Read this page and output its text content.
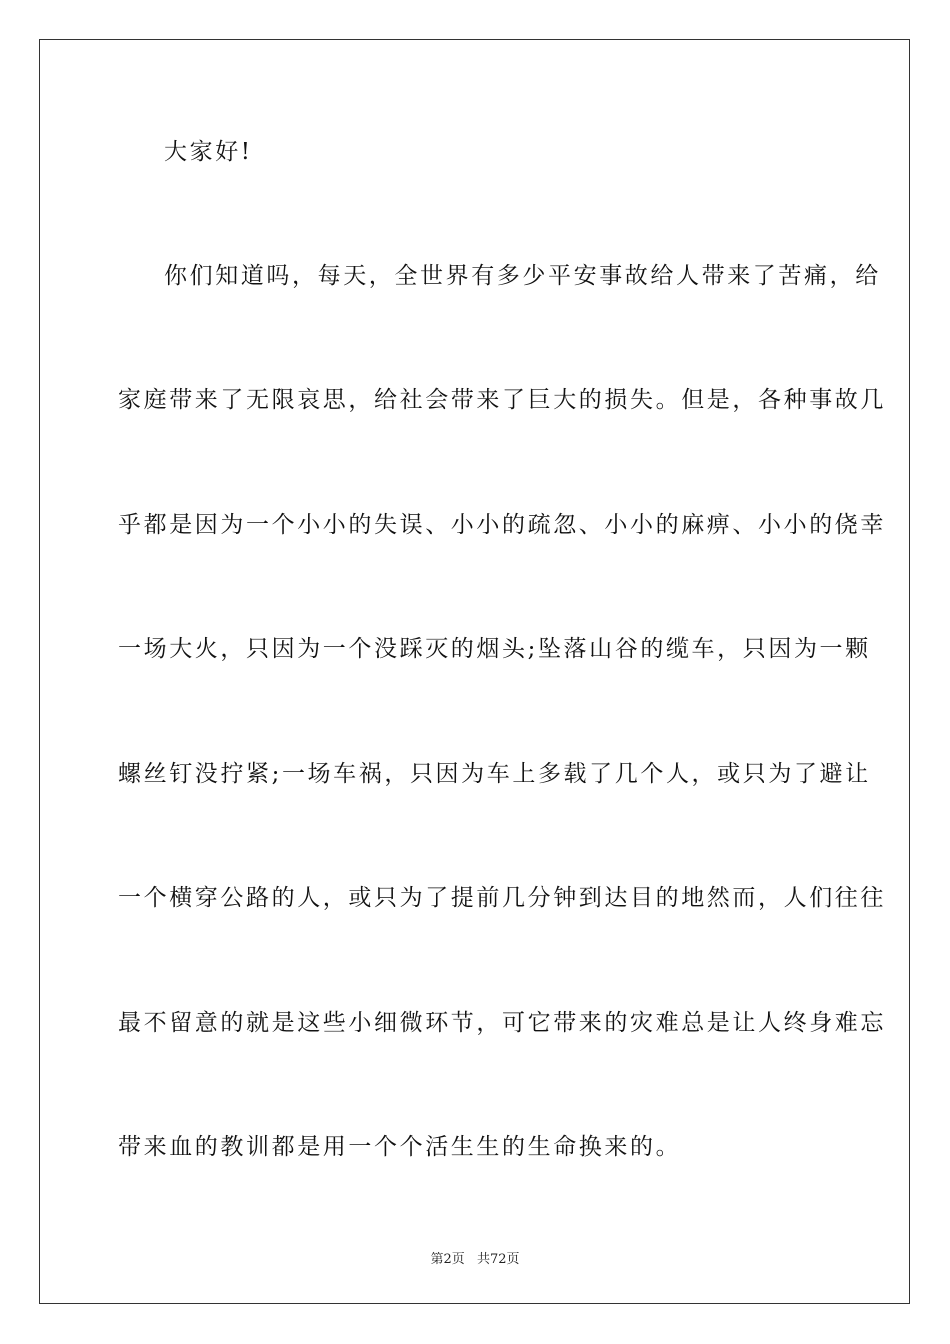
大家好!
你们知道吗，每天，全世界有多少平安事故给人带来了苦痛，给
家庭带来了无限哀思，给社会带来了巨大的损失。但是，各种事故几
乎都是因为一个小小的失误、小小的疏忽、小小的麻痹、小小的侥幸
一场大火，只因为一个没踩灭的烟头;坠落山谷的缆车，只因为一颗
螺丝钉没拧紧;一场车祸，只因为车上多载了几个人，或只为了避让
一个横穿公路的人，或只为了提前几分钟到达目的地然而，人们往往
最不留意的就是这些小细微环节，可它带来的灾难总是让人终身难忘
带来血的教训都是用一个个活生生的生命换来的。
第2页 共72页
